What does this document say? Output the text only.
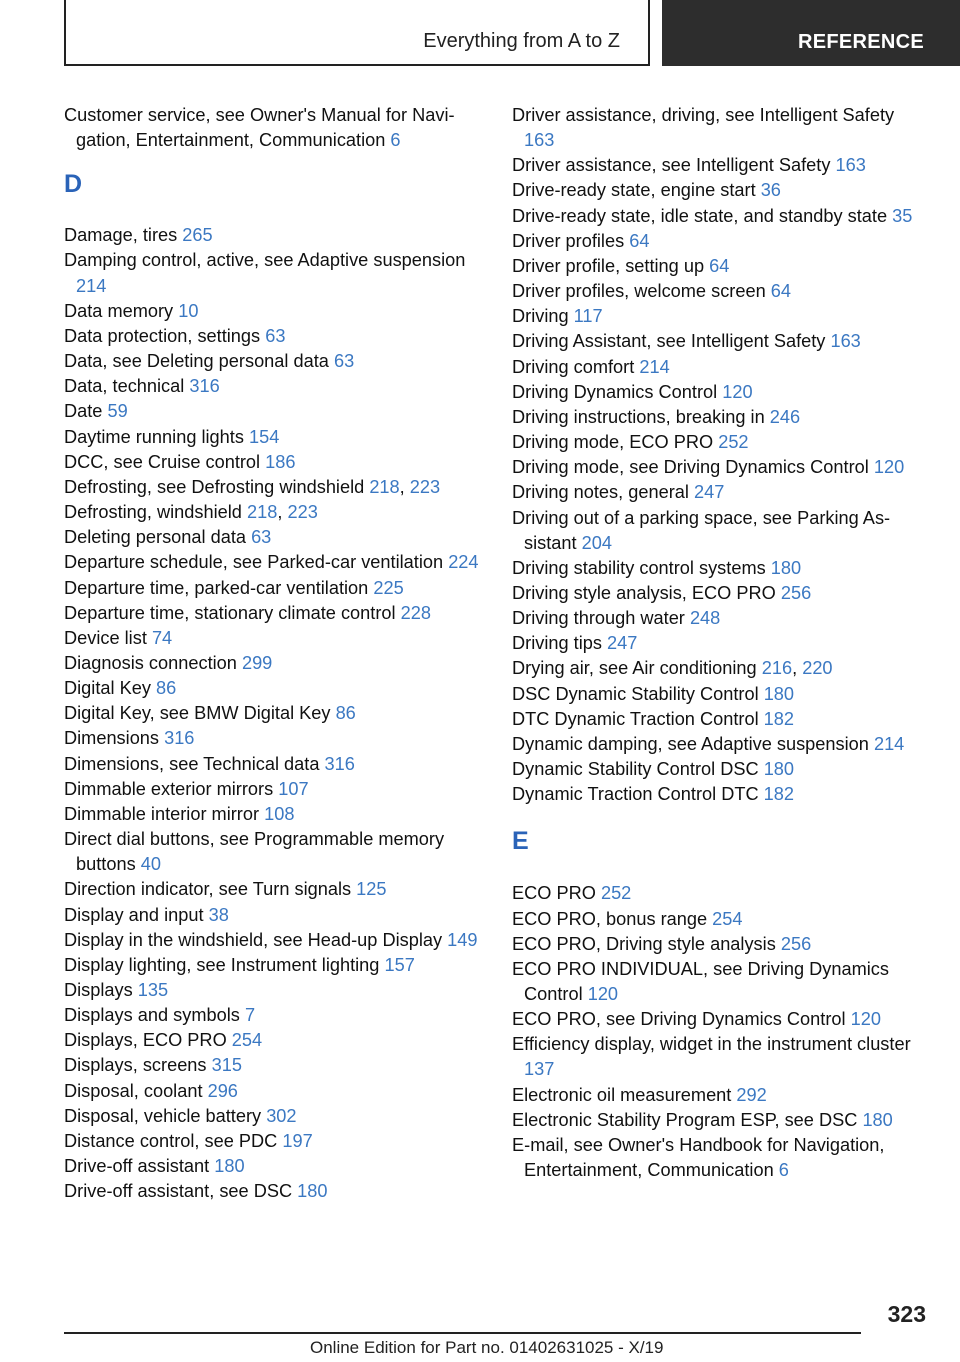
Everything from A to Z	REFERENCE
Customer service, see Owner's Manual for Navigation, Entertainment, Communication 6
D
Damage, tires 265
Damping control, active, see Adaptive suspension 214
Data memory 10
Data protection, settings 63
Data, see Deleting personal data 63
Data, technical 316
Date 59
Daytime running lights 154
DCC, see Cruise control 186
Defrosting, see Defrosting windshield 218, 223
Defrosting, windshield 218, 223
Deleting personal data 63
Departure schedule, see Parked-car ventilation 224
Departure time, parked-car ventilation 225
Departure time, stationary climate control 228
Device list 74
Diagnosis connection 299
Digital Key 86
Digital Key, see BMW Digital Key 86
Dimensions 316
Dimensions, see Technical data 316
Dimmable exterior mirrors 107
Dimmable interior mirror 108
Direct dial buttons, see Programmable memory buttons 40
Direction indicator, see Turn signals 125
Display and input 38
Display in the windshield, see Head-up Display 149
Display lighting, see Instrument lighting 157
Displays 135
Displays and symbols 7
Displays, ECO PRO 254
Displays, screens 315
Disposal, coolant 296
Disposal, vehicle battery 302
Distance control, see PDC 197
Drive-off assistant 180
Drive-off assistant, see DSC 180
Driver assistance, driving, see Intelligent Safety 163
Driver assistance, see Intelligent Safety 163
Drive-ready state, engine start 36
Drive-ready state, idle state, and standby state 35
Driver profiles 64
Driver profile, setting up 64
Driver profiles, welcome screen 64
Driving 117
Driving Assistant, see Intelligent Safety 163
Driving comfort 214
Driving Dynamics Control 120
Driving instructions, breaking in 246
Driving mode, ECO PRO 252
Driving mode, see Driving Dynamics Control 120
Driving notes, general 247
Driving out of a parking space, see Parking Assistant 204
Driving stability control systems 180
Driving style analysis, ECO PRO 256
Driving through water 248
Driving tips 247
Drying air, see Air conditioning 216, 220
DSC Dynamic Stability Control 180
DTC Dynamic Traction Control 182
Dynamic damping, see Adaptive suspension 214
Dynamic Stability Control DSC 180
Dynamic Traction Control DTC 182
E
ECO PRO 252
ECO PRO, bonus range 254
ECO PRO, Driving style analysis 256
ECO PRO INDIVIDUAL, see Driving Dynamics Control 120
ECO PRO, see Driving Dynamics Control 120
Efficiency display, widget in the instrument cluster 137
Electronic oil measurement 292
Electronic Stability Program ESP, see DSC 180
E-mail, see Owner's Handbook for Navigation, Entertainment, Communication 6
323
Online Edition for Part no. 01402631025 - X/19
